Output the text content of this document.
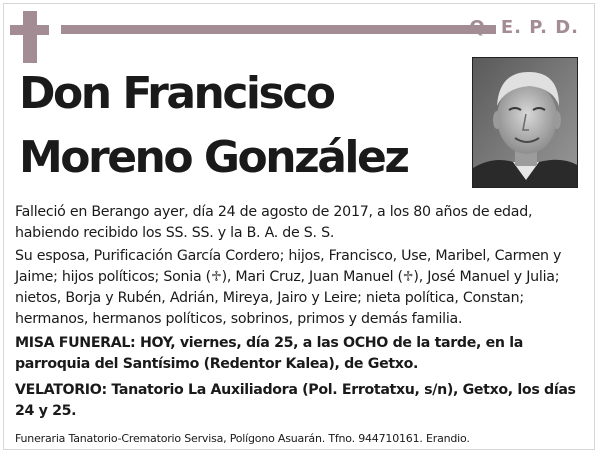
Q. E. P. D.
Don Francisco
Moreno González
Falleció en Berango ayer, día 24 de agosto de 2017, a los 80 años de edad, habiendo recibido los SS. SS. y la B. A. de S. S.
Su esposa, Purificación García Cordero; hijos, Francisco, Use, Maribel, Carmen y Jaime; hijos políticos; Sonia (♱), Mari Cruz, Juan Manuel (♱), José Manuel y Julia; nietos, Borja y Rubén, Adrián, Mireya, Jairo y Leire; nieta política, Constan; hermanos, hermanos políticos, sobrinos, primos y demás familia.
MISA FUNERAL: HOY, viernes, día 25, a las OCHO de la tarde, en la parroquia del Santísimo (Redentor Kalea), de Getxo.
VELATORIO: Tanatorio La Auxiliadora (Pol. Errotatxu, s/n), Getxo, los días 24 y 25.
Funeraria Tanatorio-Crematorio Servisa, Polígono Asuarán. Tfno. 944710161. Erandio.
